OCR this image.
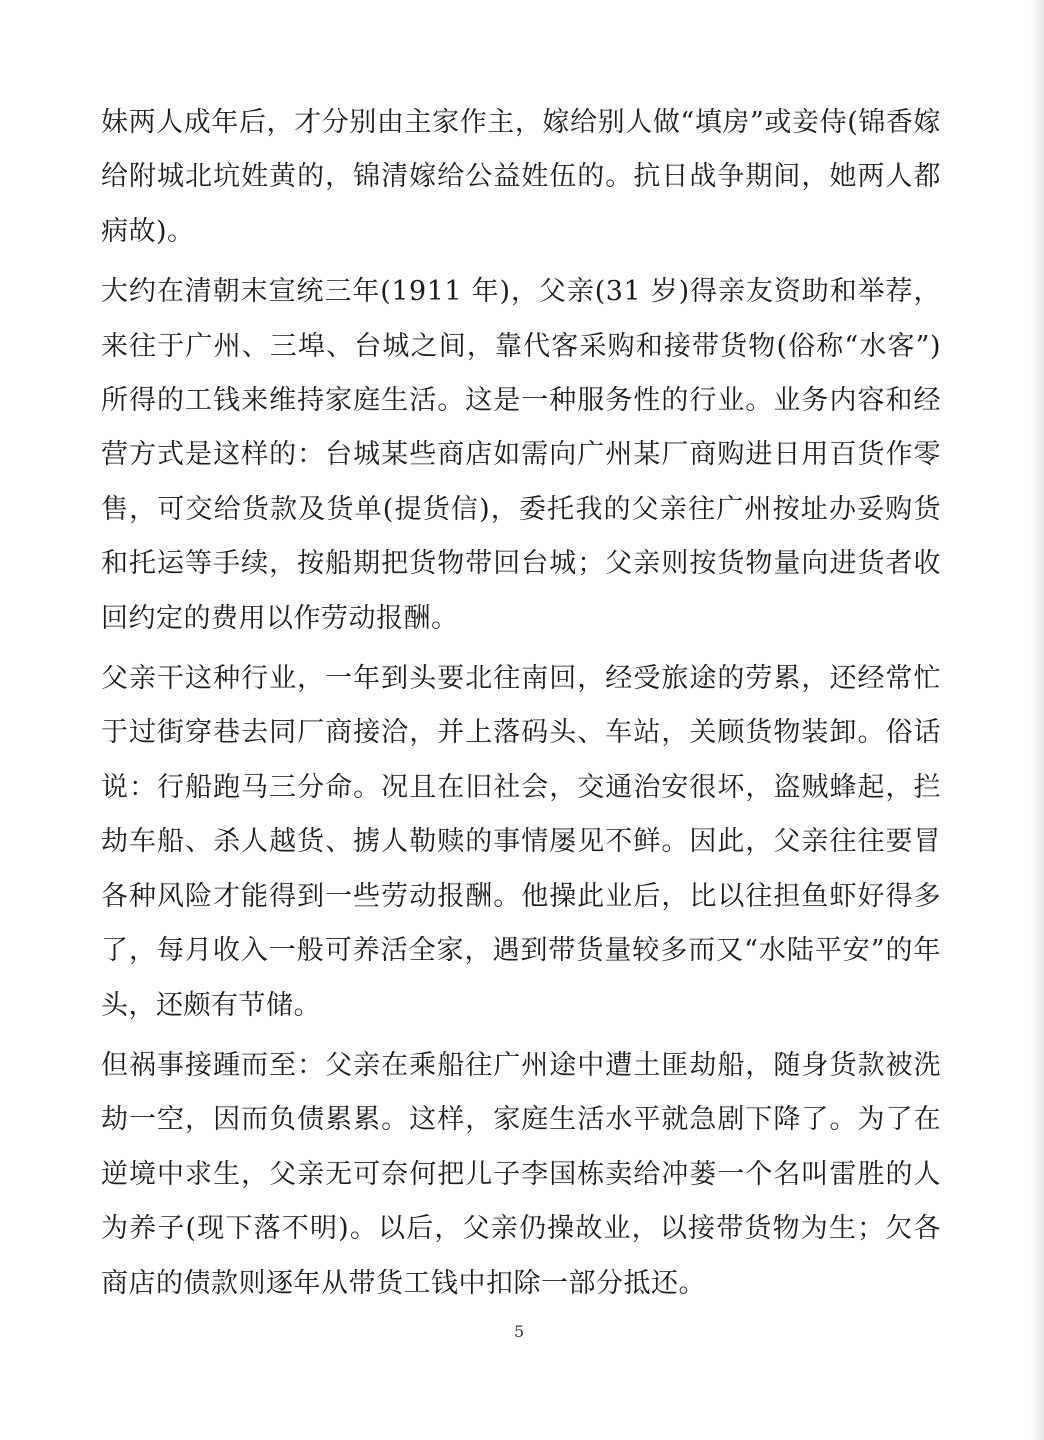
妹两人成年后，才分别由主家作主，嫁给别人做“填房”或妾侍(锦香嫁给附城北坑姓黄的，锦清嫁给公益姓伍的。抗日战争期间，她两人都病故)。

大约在清朝末宣统三年(1911 年)，父亲(31 岁)得亲友资助和举荐，来往于广州、三埠、台城之间，靠代客采购和接带货物(俗称“水客”)所得的工钱来维持家庭生活。这是一种服务性的行业。业务内容和经营方式是这样的：台城某些商店如需向广州某厂商购进日用百货作零售，可交给货款及货单(提货信)，委托我的父亲往广州按址办妥购货和托运等手续，按船期把货物带回台城；父亲则按货物量向进货者收回约定的费用以作劳动报酬。

父亲干这种行业，一年到头要北往南回，经受旅途的劳累，还经常忙于过街穿巷去同厂商接洽，并上落码头、车站，关顾货物装卸。俗话说：行船跑马三分命。况且在旧社会，交通治安很坏，盗贼蜂起，拦劫车船、杀人越货、掳人勒赎的事情屡见不鲜。因此，父亲往往要冒各种风险才能得到一些劳动报酬。他操此业后，比以往担鱼虾好得多了，每月收入一般可养活全家，遇到带货量较多而又“水陆平安”的年头，还颇有节储。

但祸事接踵而至：父亲在乘船往广州途中遭土匪劫船，随身货款被洗劫一空，因而负债累累。这样，家庭生活水平就急剧下降了。为了在逆境中求生，父亲无可奈何把儿子李国栋卖给冲蒌一个名叫雷胜的人为养子(现下落不明)。以后，父亲仍操故业，以接带货物为生；欠各商店的债款则逐年从带货工钱中扣除一部分抵还。

5
